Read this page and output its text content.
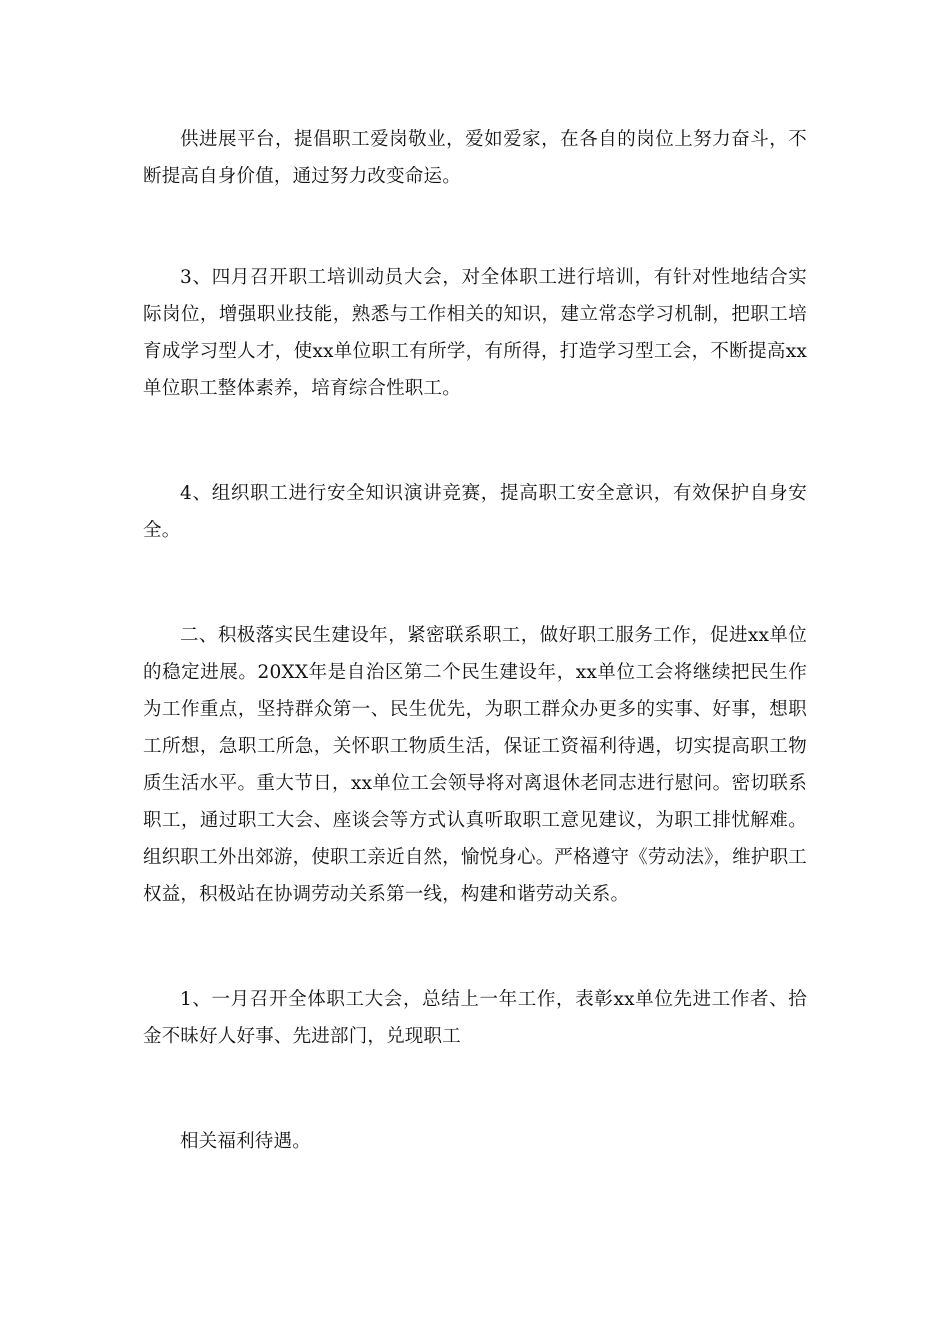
供进展平台，提倡职工爱岗敬业，爱如爱家，在各自的岗位上努力奋斗，不断提高自身价值，通过努力改变命运。

3、四月召开职工培训动员大会，对全体职工进行培训，有针对性地结合实际岗位，增强职业技能，熟悉与工作相关的知识，建立常态学习机制，把职工培育成学习型人才，使xx单位职工有所学，有所得，打造学习型工会，不断提高xx单位职工整体素养，培育综合性职工。

4、组织职工进行安全知识演讲竞赛，提高职工安全意识，有效保护自身安全。

二、积极落实民生建设年，紧密联系职工，做好职工服务工作，促进xx单位的稳定进展。20XX年是自治区第二个民生建设年，xx单位工会将继续把民生作为工作重点，坚持群众第一、民生优先，为职工群众办更多的实事、好事，想职工所想，急职工所急，关怀职工物质生活，保证工资福利待遇，切实提高职工物质生活水平。重大节日，xx单位工会领导将对离退休老同志进行慰问。密切联系职工，通过职工大会、座谈会等方式认真听取职工意见建议，为职工排忧解难。组织职工外出郊游，使职工亲近自然，愉悦身心。严格遵守《劳动法》，维护职工权益，积极站在协调劳动关系第一线，构建和谐劳动关系。

1、一月召开全体职工大会，总结上一年工作，表彰xx单位先进工作者、拾金不昧好人好事、先进部门，兑现职工

相关福利待遇。
